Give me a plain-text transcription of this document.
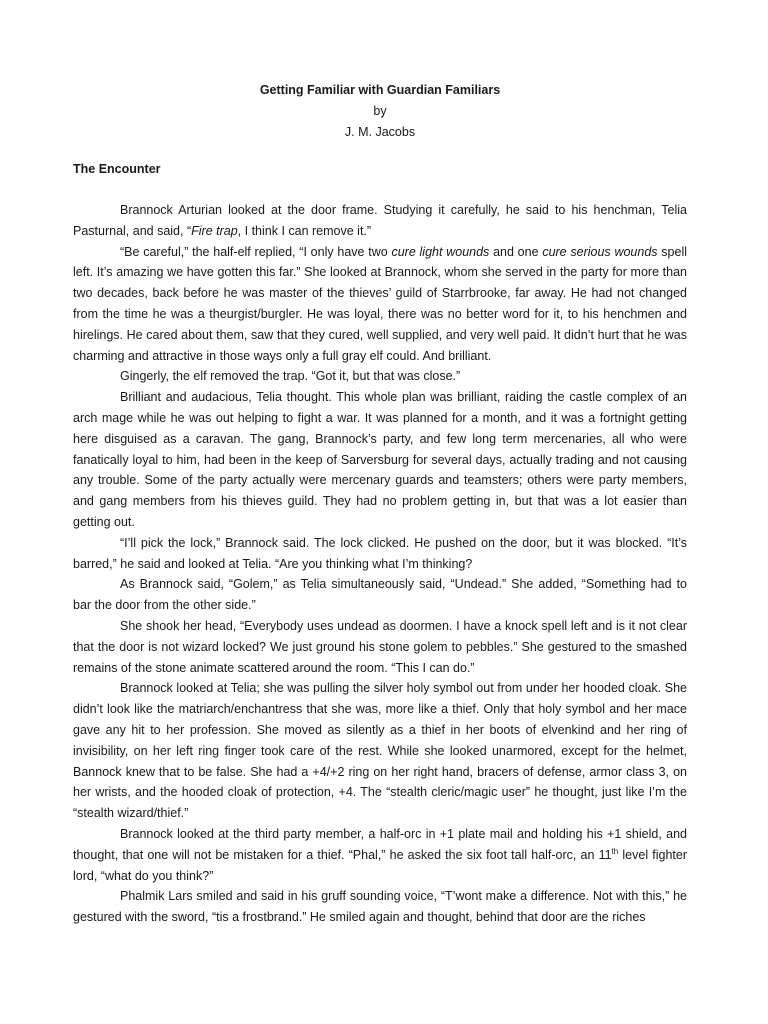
Getting Familiar with Guardian Familiars
by
J. M. Jacobs
The Encounter

Brannock Arturian looked at the door frame. Studying it carefully, he said to his henchman, Telia Pasturnal, and said, “Fire trap, I think I can remove it.”

“Be careful,” the half-elf replied, “I only have two cure light wounds and one cure serious wounds spell left. It’s amazing we have gotten this far.” She looked at Brannock, whom she served in the party for more than two decades, back before he was master of the thieves’ guild of Starrbrooke, far away. He had not changed from the time he was a theurgist/burgler. He was loyal, there was no better word for it, to his henchmen and hirelings. He cared about them, saw that they cured, well supplied, and very well paid. It didn’t hurt that he was charming and attractive in those ways only a full gray elf could. And brilliant.

Gingerly, the elf removed the trap. “Got it, but that was close.”

Brilliant and audacious, Telia thought. This whole plan was brilliant, raiding the castle complex of an arch mage while he was out helping to fight a war. It was planned for a month, and it was a fortnight getting here disguised as a caravan. The gang, Brannock’s party, and few long term mercenaries, all who were fanatically loyal to him, had been in the keep of Sarversburg for several days, actually trading and not causing any trouble. Some of the party actually were mercenary guards and teamsters; others were party members, and gang members from his thieves guild. They had no problem getting in, but that was a lot easier than getting out.

“I’ll pick the lock,” Brannock said. The lock clicked. He pushed on the door, but it was blocked. “It’s barred,” he said and looked at Telia. “Are you thinking what I’m thinking?

As Brannock said, “Golem,” as Telia simultaneously said, “Undead.” She added, “Something had to bar the door from the other side.”

She shook her head, “Everybody uses undead as doormen. I have a knock spell left and is it not clear that the door is not wizard locked? We just ground his stone golem to pebbles.” She gestured to the smashed remains of the stone animate scattered around the room. “This I can do.”

Brannock looked at Telia; she was pulling the silver holy symbol out from under her hooded cloak. She didn’t look like the matriarch/enchantress that she was, more like a thief. Only that holy symbol and her mace gave any hit to her profession. She moved as silently as a thief in her boots of elvenkind and her ring of invisibility, on her left ring finger took care of the rest. While she looked unarmored, except for the helmet, Bannock knew that to be false. She had a +4/+2 ring on her right hand, bracers of defense, armor class 3, on her wrists, and the hooded cloak of protection, +4. The “stealth cleric/magic user” he thought, just like I’m the “stealth wizard/thief.”

Brannock looked at the third party member, a half-orc in +1 plate mail and holding his +1 shield, and thought, that one will not be mistaken for a thief. “Phal,” he asked the six foot tall half-orc, an 11th level fighter lord, “what do you think?”

Phalmik Lars smiled and said in his gruff sounding voice, “T’wont make a difference. Not with this,” he gestured with the sword, “tis a frostbrand.” He smiled again and thought, behind that door are the riches
